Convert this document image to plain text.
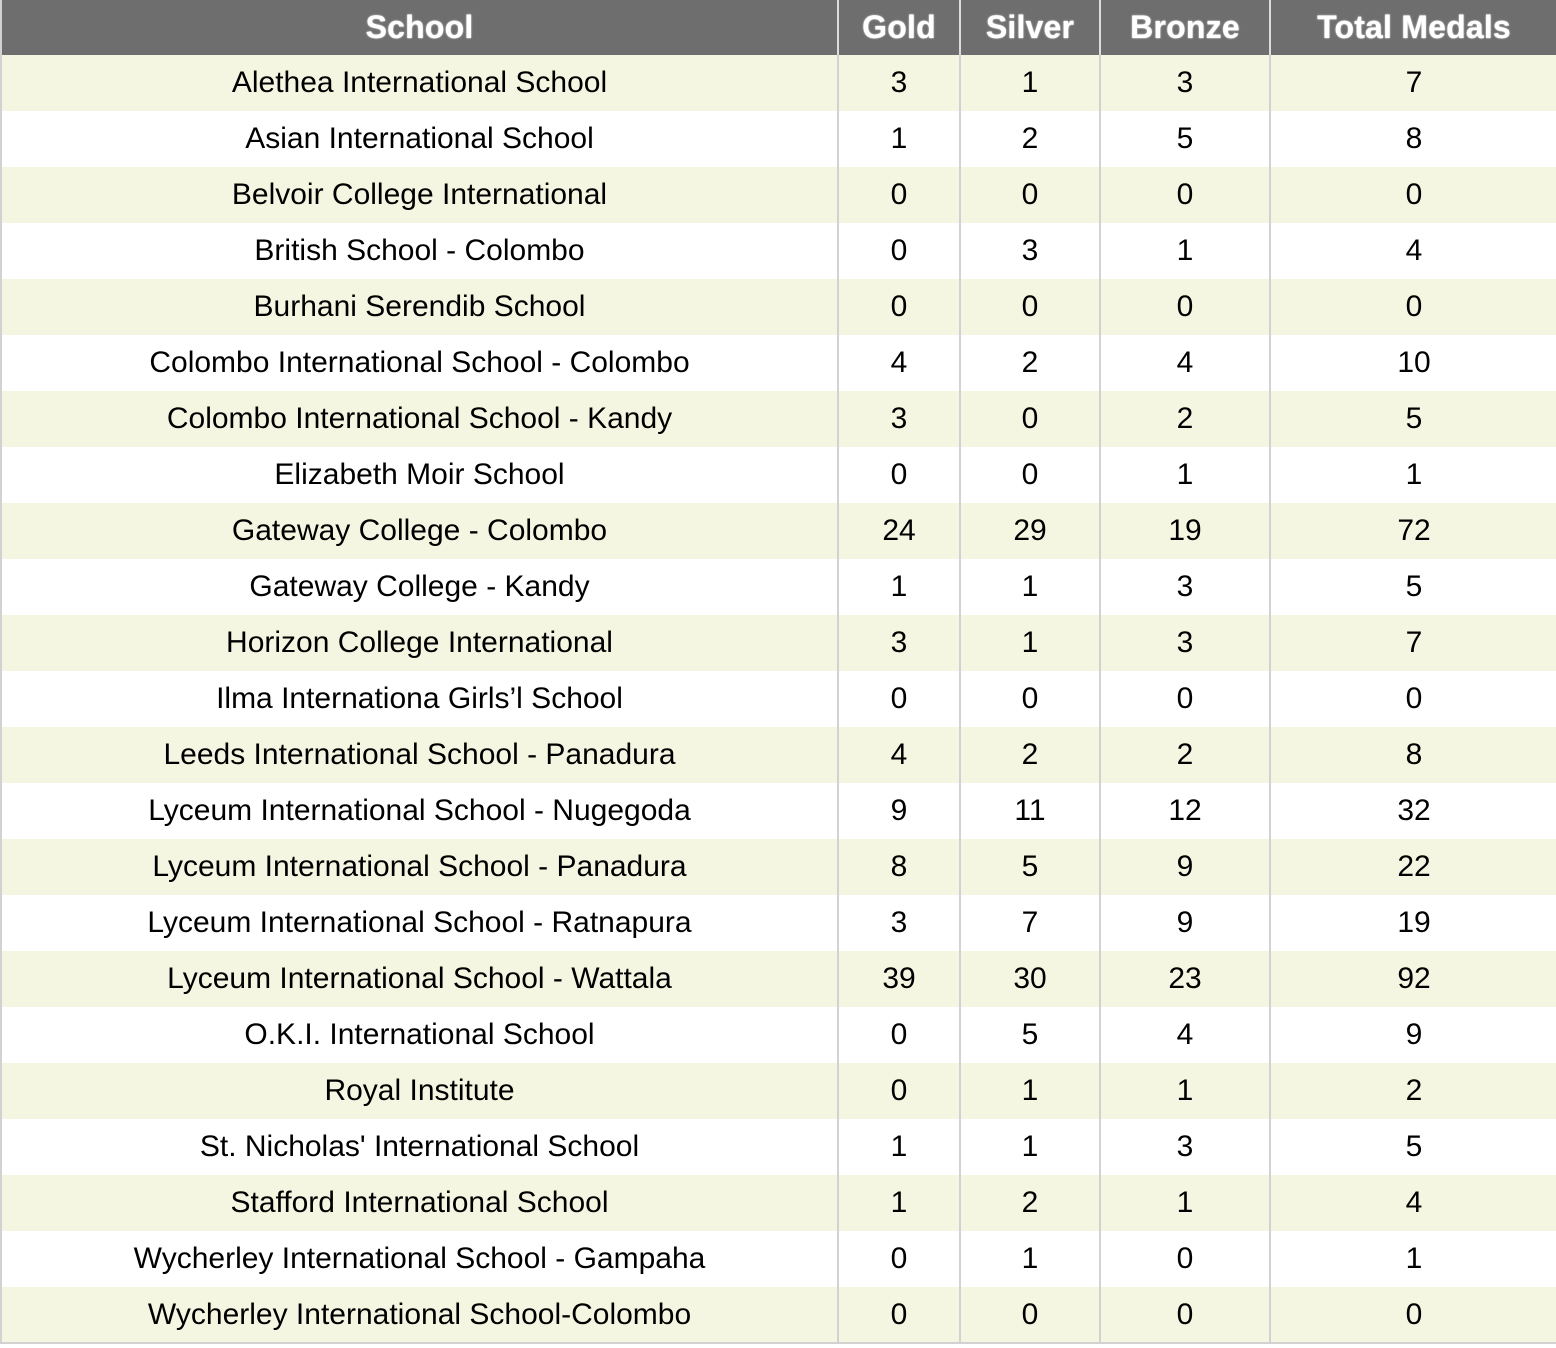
School	Gold	Silver	Bronze	Total Medals
Alethea International School	3	1	3	7
Asian International School	1	2	5	8
Belvoir College International	0	0	0	0
British School - Colombo	0	3	1	4
Burhani Serendib School	0	0	0	0
Colombo International School - Colombo	4	2	4	10
Colombo International School - Kandy	3	0	2	5
Elizabeth Moir School	0	0	1	1
Gateway College - Colombo	24	29	19	72
Gateway College - Kandy	1	1	3	5
Horizon College International	3	1	3	7
Ilma Internationa Girls’l School	0	0	0	0
Leeds International School - Panadura	4	2	2	8
Lyceum International School - Nugegoda	9	11	12	32
Lyceum International School - Panadura	8	5	9	22
Lyceum International School - Ratnapura	3	7	9	19
Lyceum International School - Wattala	39	30	23	92
O.K.I. International School	0	5	4	9
Royal Institute	0	1	1	2
St. Nicholas' International School	1	1	3	5
Stafford International School	1	2	1	4
Wycherley International School - Gampaha	0	1	0	1
Wycherley International School-Colombo	0	0	0	0
